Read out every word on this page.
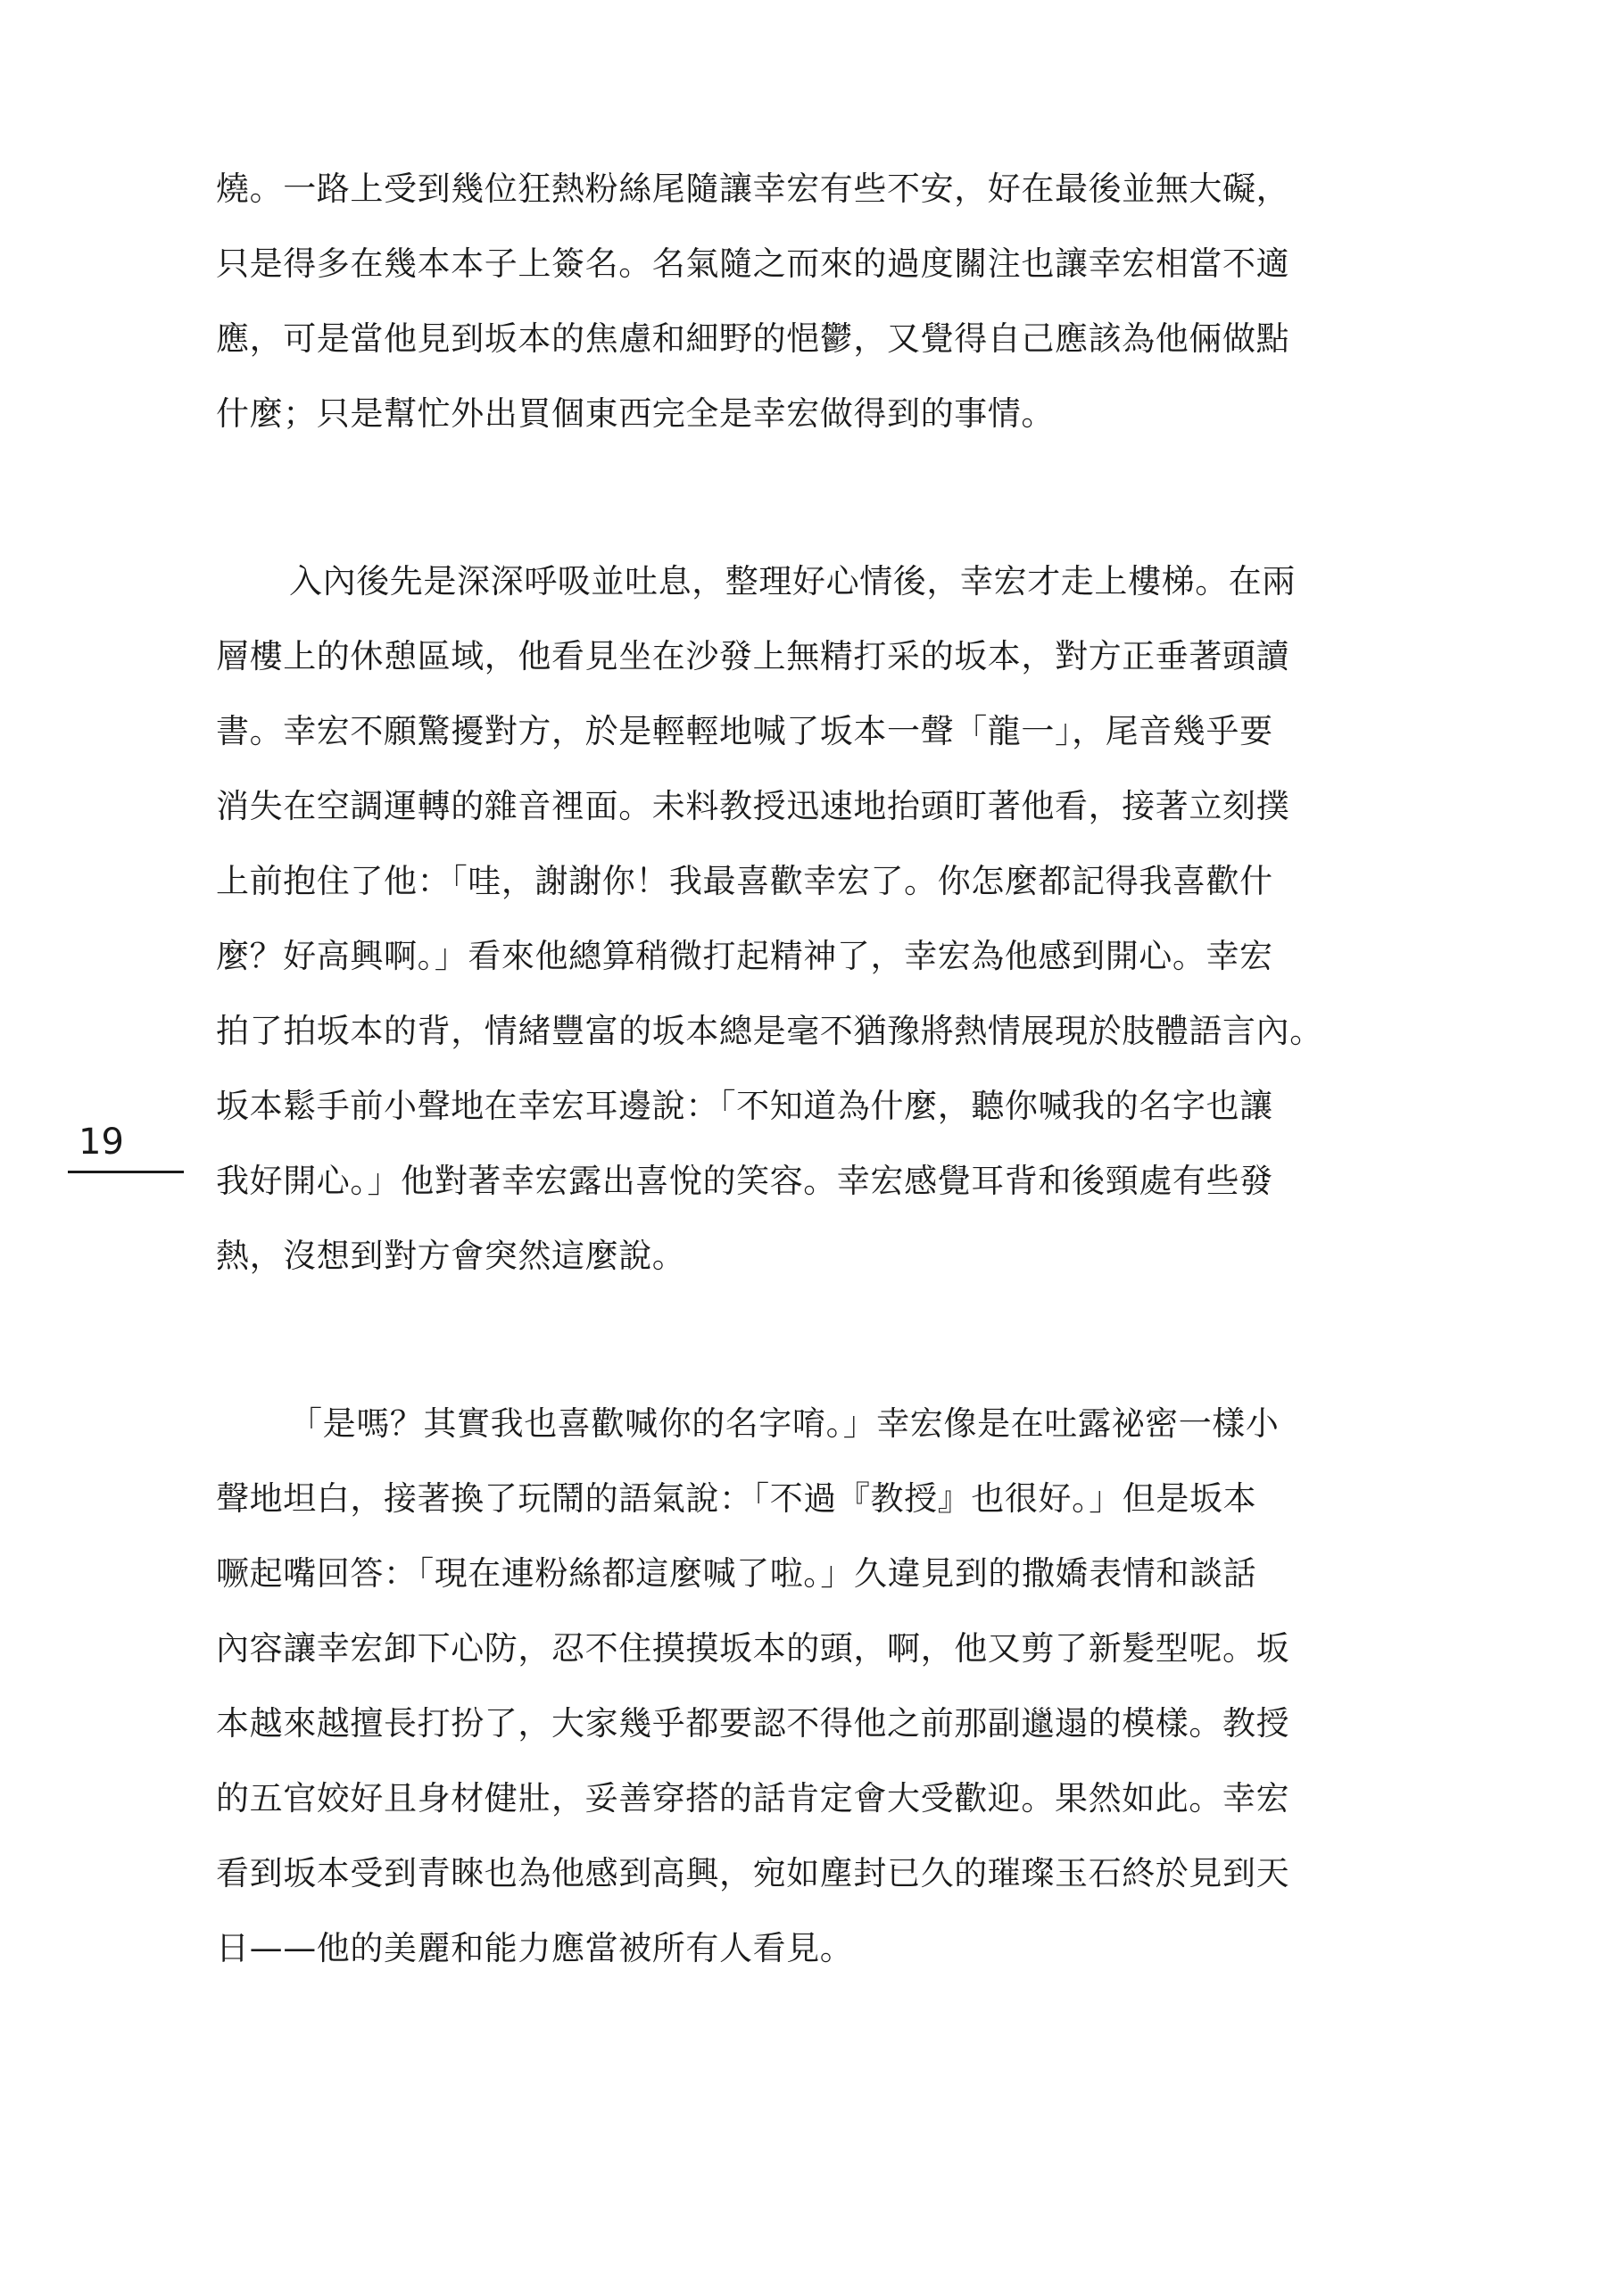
19
燒。一路上受到幾位狂熱粉絲尾隨讓幸宏有些不安，好在最後並無大礙，
只是得多在幾本本子上簽名。名氣隨之而來的過度關注也讓幸宏相當不適
應，可是當他見到坂本的焦慮和細野的悒鬱，又覺得自己應該為他倆做點
什麼；只是幫忙外出買個東西完全是幸宏做得到的事情。
入內後先是深深呼吸並吐息，整理好心情後，幸宏才走上樓梯。在兩
層樓上的休憩區域，他看見坐在沙發上無精打采的坂本，對方正垂著頭讀
書。幸宏不願驚擾對方，於是輕輕地喊了坂本一聲「龍一」，尾音幾乎要
消失在空調運轉的雜音裡面。未料教授迅速地抬頭盯著他看，接著立刻撲
上前抱住了他：「哇，謝謝你！我最喜歡幸宏了。你怎麼都記得我喜歡什
麼？好高興啊。」看來他總算稍微打起精神了，幸宏為他感到開心。幸宏
拍了拍坂本的背，情緒豐富的坂本總是毫不猶豫將熱情展現於肢體語言內。
坂本鬆手前小聲地在幸宏耳邊說：「不知道為什麼，聽你喊我的名字也讓
我好開心。」他對著幸宏露出喜悅的笑容。幸宏感覺耳背和後頸處有些發
熱，沒想到對方會突然這麼說。
「是嗎？其實我也喜歡喊你的名字唷。」幸宏像是在吐露祕密一樣小
聲地坦白，接著換了玩鬧的語氣說：「不過『教授』也很好。」但是坂本
噘起嘴回答：「現在連粉絲都這麼喊了啦。」久違見到的撒嬌表情和談話
內容讓幸宏卸下心防，忍不住摸摸坂本的頭，啊，他又剪了新髮型呢。坂
本越來越擅長打扮了，大家幾乎都要認不得他之前那副邋遢的模樣。教授
的五官姣好且身材健壯，妥善穿搭的話肯定會大受歡迎。果然如此。幸宏
看到坂本受到青睞也為他感到高興，宛如塵封已久的璀璨玉石終於見到天
日——他的美麗和能力應當被所有人看見。
